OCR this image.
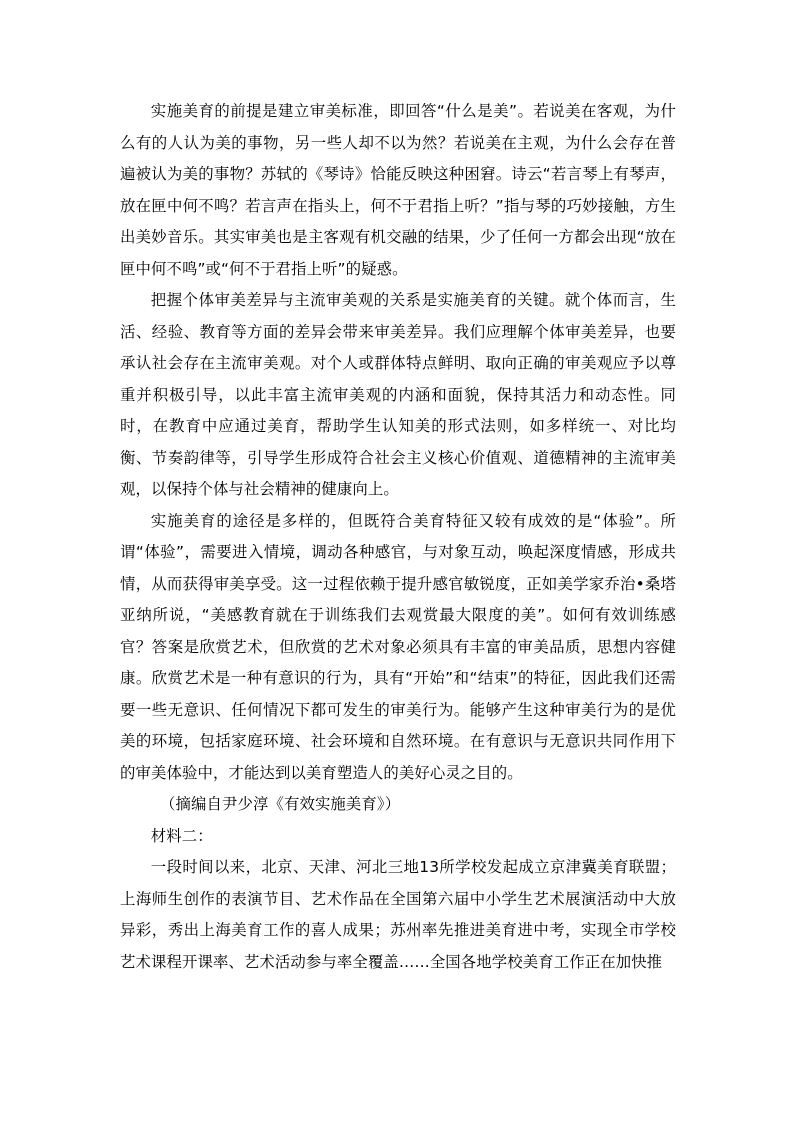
实施美育的前提是建立审美标准，即回答“什么是美”。若说美在客观，为什么有的人认为美的事物，另一些人却不以为然？若说美在主观，为什么会存在普遍被认为美的事物？苏轼的《琴诗》恰能反映这种困窘。诗云“若言琴上有琴声，放在匣中何不鸣？若言声在指头上，何不于君指上听？”指与琴的巧妙接触，方生出美妙音乐。其实审美也是主客观有机交融的结果，少了任何一方都会出现“放在匣中何不鸣”或“何不于君指上听”的疑惑。

把握个体审美差异与主流审美观的关系是实施美育的关键。就个体而言，生活、经验、教育等方面的差异会带来审美差异。我们应理解个体审美差异，也要承认社会存在主流审美观。对个人或群体特点鲜明、取向正确的审美观应予以尊重并积极引导，以此丰富主流审美观的内涵和面貌，保持其活力和动态性。同时，在教育中应通过美育，帮助学生认知美的形式法则，如多样统一、对比均衡、节奏韵律等，引导学生形成符合社会主义核心价值观、道德精神的主流审美观，以保持个体与社会精神的健康向上。

实施美育的途径是多样的，但既符合美育特征又较有成效的是“体验”。所谓“体验”，需要进入情境，调动各种感官，与对象互动，唤起深度情感，形成共情，从而获得审美享受。这一过程依赖于提升感官敏锐度，正如美学家乔治•桑塔亚纳所说，“美感教育就在于训练我们去观赏最大限度的美”。如何有效训练感官？答案是欣赏艺术，但欣赏的艺术对象必须具有丰富的审美品质，思想内容健康。欣赏艺术是一种有意识的行为，具有“开始”和“结束”的特征，因此我们还需要一些无意识、任何情况下都可发生的审美行为。能够产生这种审美行为的是优美的环境，包括家庭环境、社会环境和自然环境。在有意识与无意识共同作用下的审美体验中，才能达到以美育塑造人的美好心灵之目的。

（摘编自尹少淳《有效实施美育》）

材料二：

一段时间以来，北京、天津、河北三地13所学校发起成立京津冀美育联盟；上海师生创作的表演节目、艺术作品在全国第六届中小学生艺术展演活动中大放异彩，秀出上海美育工作的喜人成果；苏州率先推进美育进中考，实现全市学校艺术课程开课率、艺术活动参与率全覆盖……全国各地学校美育工作正在加快推
